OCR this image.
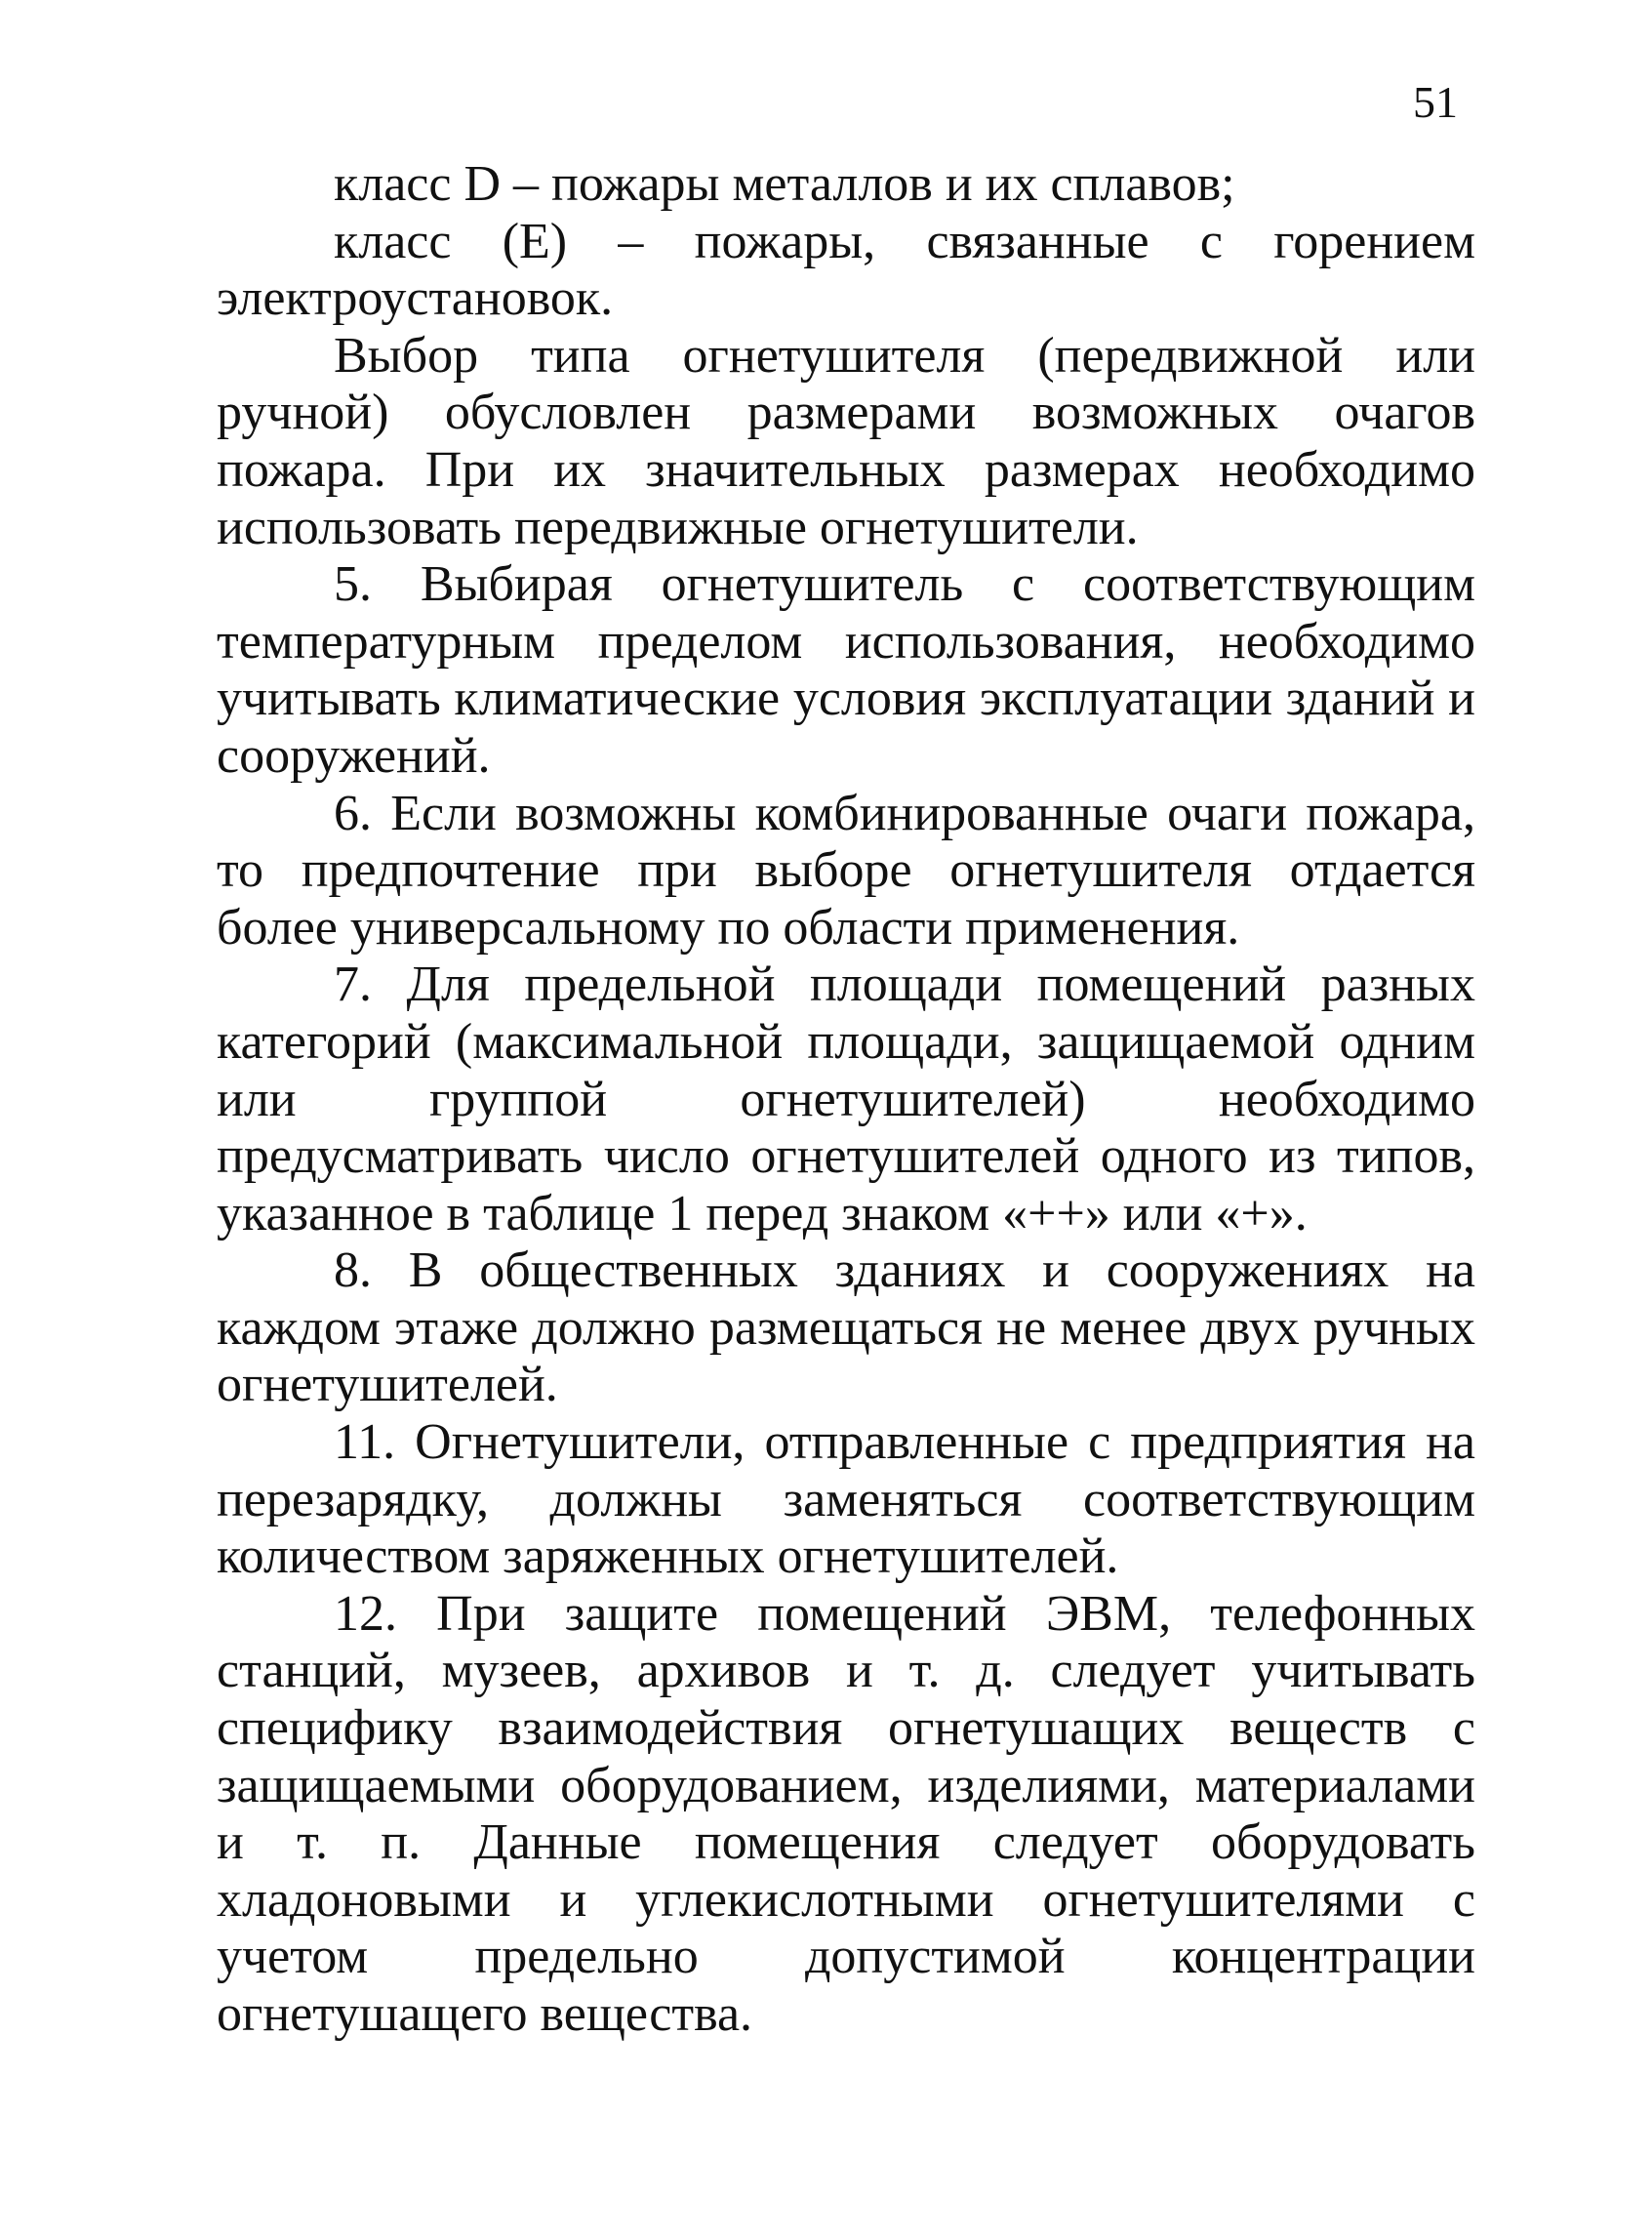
51

класс D – пожары металлов и их сплавов;

класс (E) – пожары, связанные с горением электроустановок.

Выбор типа огнетушителя (передвижной или ручной) обусловлен размерами возможных очагов пожара. При их значительных размерах необходимо использовать передвижные огнетушители.

5. Выбирая огнетушитель с соответствующим температурным пределом использования, необходимо учитывать климатические условия эксплуатации зданий и сооружений.

6. Если возможны комбинированные очаги пожара, то предпочтение при выборе огнетушителя отдается более универсальному по области применения.

7. Для предельной площади помещений разных категорий (максимальной площади, защищаемой одним или группой огнетушителей) необходимо предусматривать число огнетушителей одного из типов, указанное в таблице 1 перед знаком «++» или «+».

8. В общественных зданиях и сооружениях на каждом этаже должно размещаться не менее двух ручных огнетушителей.

11. Огнетушители, отправленные с предприятия на перезарядку, должны заменяться соответствующим количеством заряженных огнетушителей.

12. При защите помещений ЭВМ, телефонных станций, музеев, архивов и т. д. следует учитывать специфику взаимодействия огнетушащих веществ с защищаемыми оборудованием, изделиями, материалами и т. п. Данные помещения следует оборудовать хладоновыми и углекислотными огнетушителями с учетом предельно допустимой концентрации огнетушащего вещества.
